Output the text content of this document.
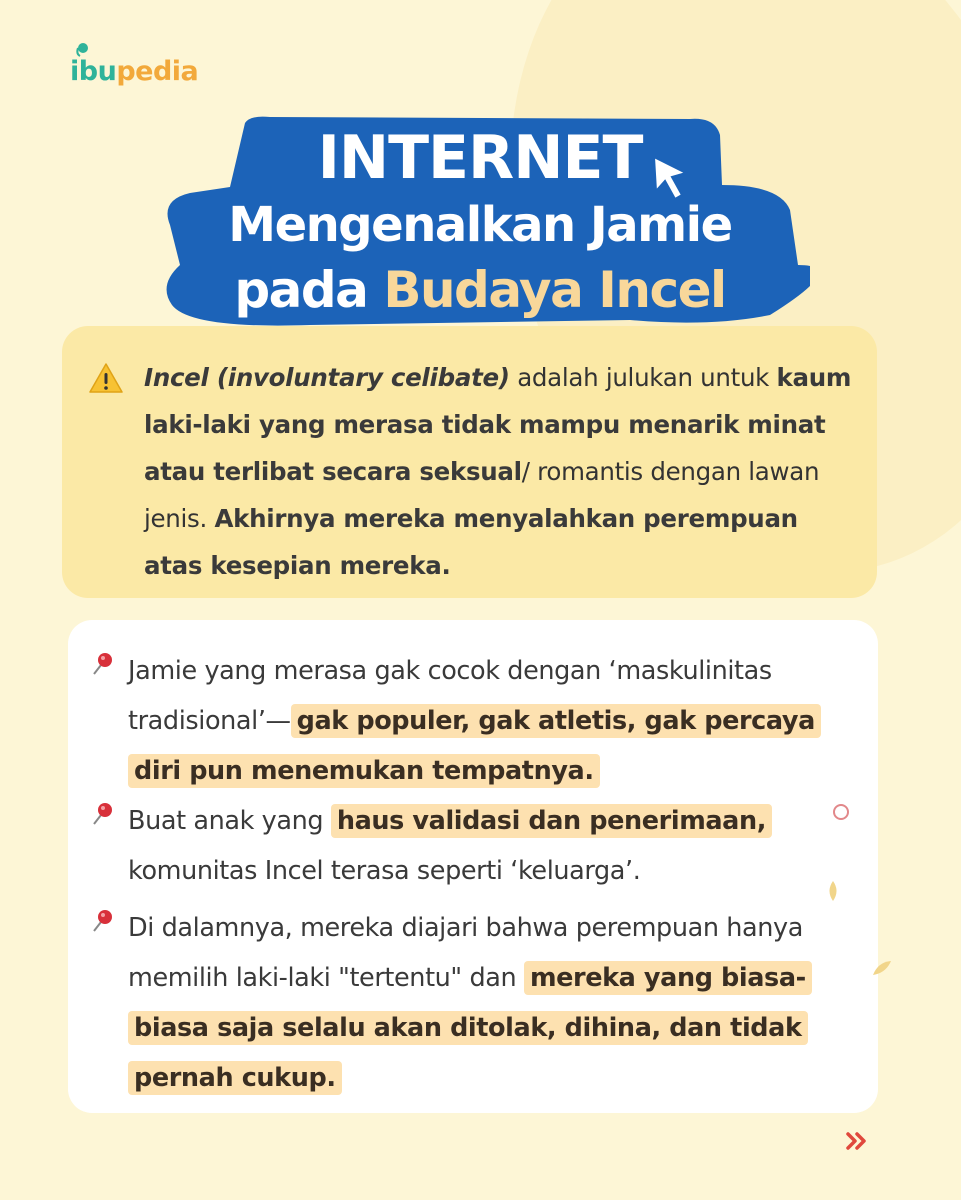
ibupedia
INTERNET
Mengenalkan Jamie
pada Budaya Incel
Incel (involuntary celibate) adalah julukan untuk kaum laki-laki yang merasa tidak mampu menarik minat atau terlibat secara seksual/ romantis dengan lawan jenis. Akhirnya mereka menyalahkan perempuan atas kesepian mereka.
Jamie yang merasa gak cocok dengan ‘maskulinitas tradisional’— gak populer, gak atletis, gak percaya diri pun menemukan tempatnya.
Buat anak yang haus validasi dan penerimaan, komunitas Incel terasa seperti ‘keluarga’.
Di dalamnya, mereka diajari bahwa perempuan hanya memilih laki-laki "tertentu" dan mereka yang biasa-biasa saja selalu akan ditolak, dihina, dan tidak pernah cukup.
